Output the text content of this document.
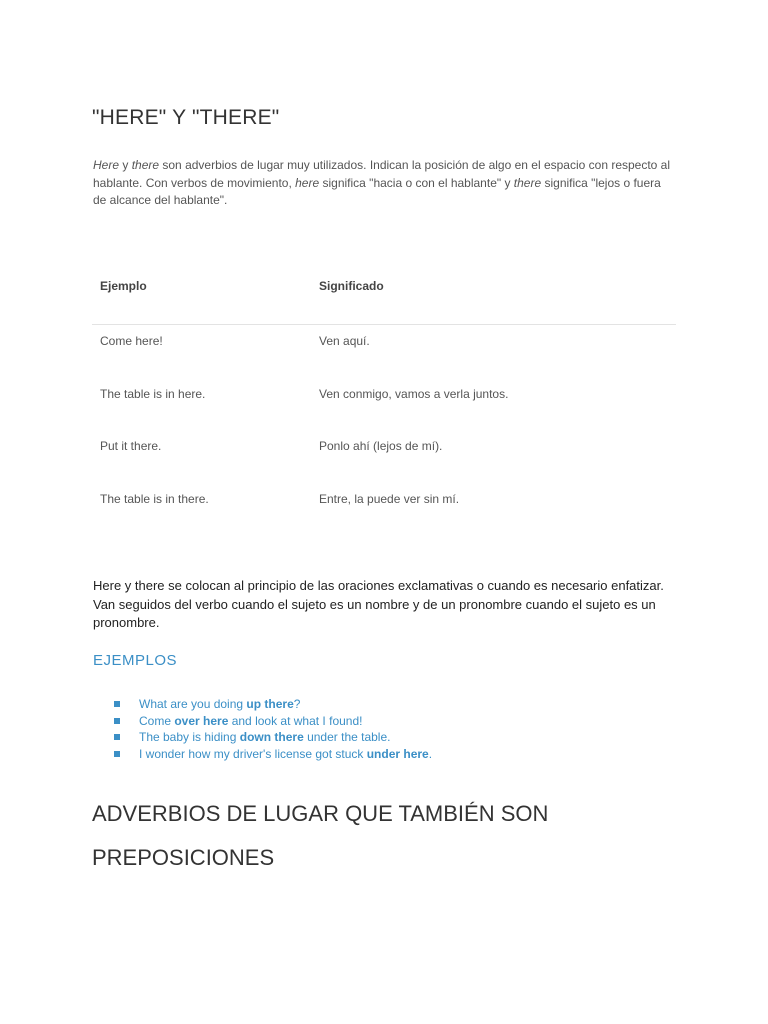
"HERE" Y "THERE"

Here y there son adverbios de lugar muy utilizados. Indican la posición de algo en el espacio con respecto al hablante. Con verbos de movimiento, here significa "hacia o con el hablante" y there significa "lejos o fuera de alcance del hablante".

Ejemplo	Significado
Come here!	Ven aquí.
The table is in here.	Ven conmigo, vamos a verla juntos.
Put it there.	Ponlo ahí (lejos de mí).
The table is in there.	Entre, la puede ver sin mí.

Here y there se colocan al principio de las oraciones exclamativas o cuando es necesario enfatizar. Van seguidos del verbo cuando el sujeto es un nombre y de un pronombre cuando el sujeto es un pronombre.

EJEMPLOS
What are you doing up there?
Come over here and look at what I found!
The baby is hiding down there under the table.
I wonder how my driver's license got stuck under here.
ADVERBIOS DE LUGAR QUE TAMBIÉN SON PREPOSICIONES
